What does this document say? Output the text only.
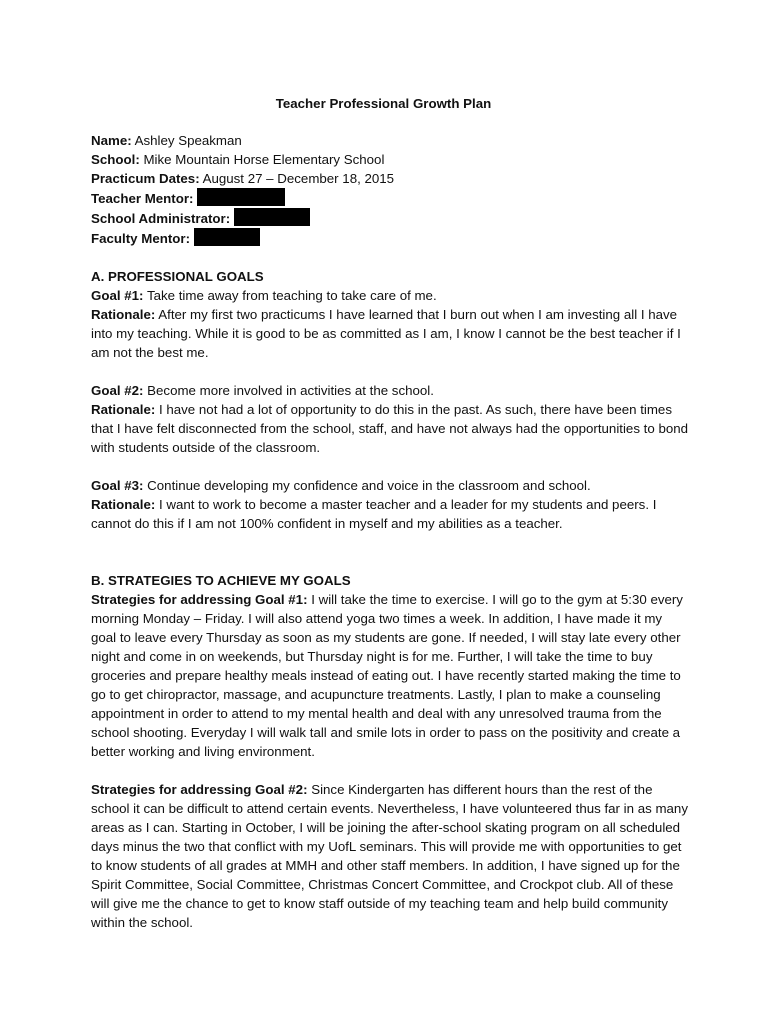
Teacher Professional Growth Plan
Name: Ashley Speakman
School: Mike Mountain Horse Elementary School
Practicum Dates: August 27 – December 18, 2015
Teacher Mentor:
School Administrator:
Faculty Mentor:
A. PROFESSIONAL GOALS

Goal #1: Take time away from teaching to take care of me.

Rationale: After my first two practicums I have learned that I burn out when I am investing all I have into my teaching. While it is good to be as committed as I am, I know I cannot be the best teacher if I am not the best me.

Goal #2: Become more involved in activities at the school.

Rationale: I have not had a lot of opportunity to do this in the past. As such, there have been times that I have felt disconnected from the school, staff, and have not always had the opportunities to bond with students outside of the classroom.

Goal #3: Continue developing my confidence and voice in the classroom and school.

Rationale: I want to work to become a master teacher and a leader for my students and peers. I cannot do this if I am not 100% confident in myself and my abilities as a teacher.

B. STRATEGIES TO ACHIEVE MY GOALS

Strategies for addressing Goal #1: I will take the time to exercise. I will go to the gym at 5:30 every morning Monday – Friday. I will also attend yoga two times a week. In addition, I have made it my goal to leave every Thursday as soon as my students are gone. If needed, I will stay late every other night and come in on weekends, but Thursday night is for me. Further, I will take the time to buy groceries and prepare healthy meals instead of eating out. I have recently started making the time to go to get chiropractor, massage, and acupuncture treatments. Lastly, I plan to make a counseling appointment in order to attend to my mental health and deal with any unresolved trauma from the school shooting. Everyday I will walk tall and smile lots in order to pass on the positivity and create a better working and living environment.

Strategies for addressing Goal #2: Since Kindergarten has different hours than the rest of the school it can be difficult to attend certain events. Nevertheless, I have volunteered thus far in as many areas as I can. Starting in October, I will be joining the after-school skating program on all scheduled days minus the two that conflict with my UofL seminars. This will provide me with opportunities to get to know students of all grades at MMH and other staff members. In addition, I have signed up for the Spirit Committee, Social Committee, Christmas Concert Committee, and Crockpot club. All of these will give me the chance to get to know staff outside of my teaching team and help build community within the school.
